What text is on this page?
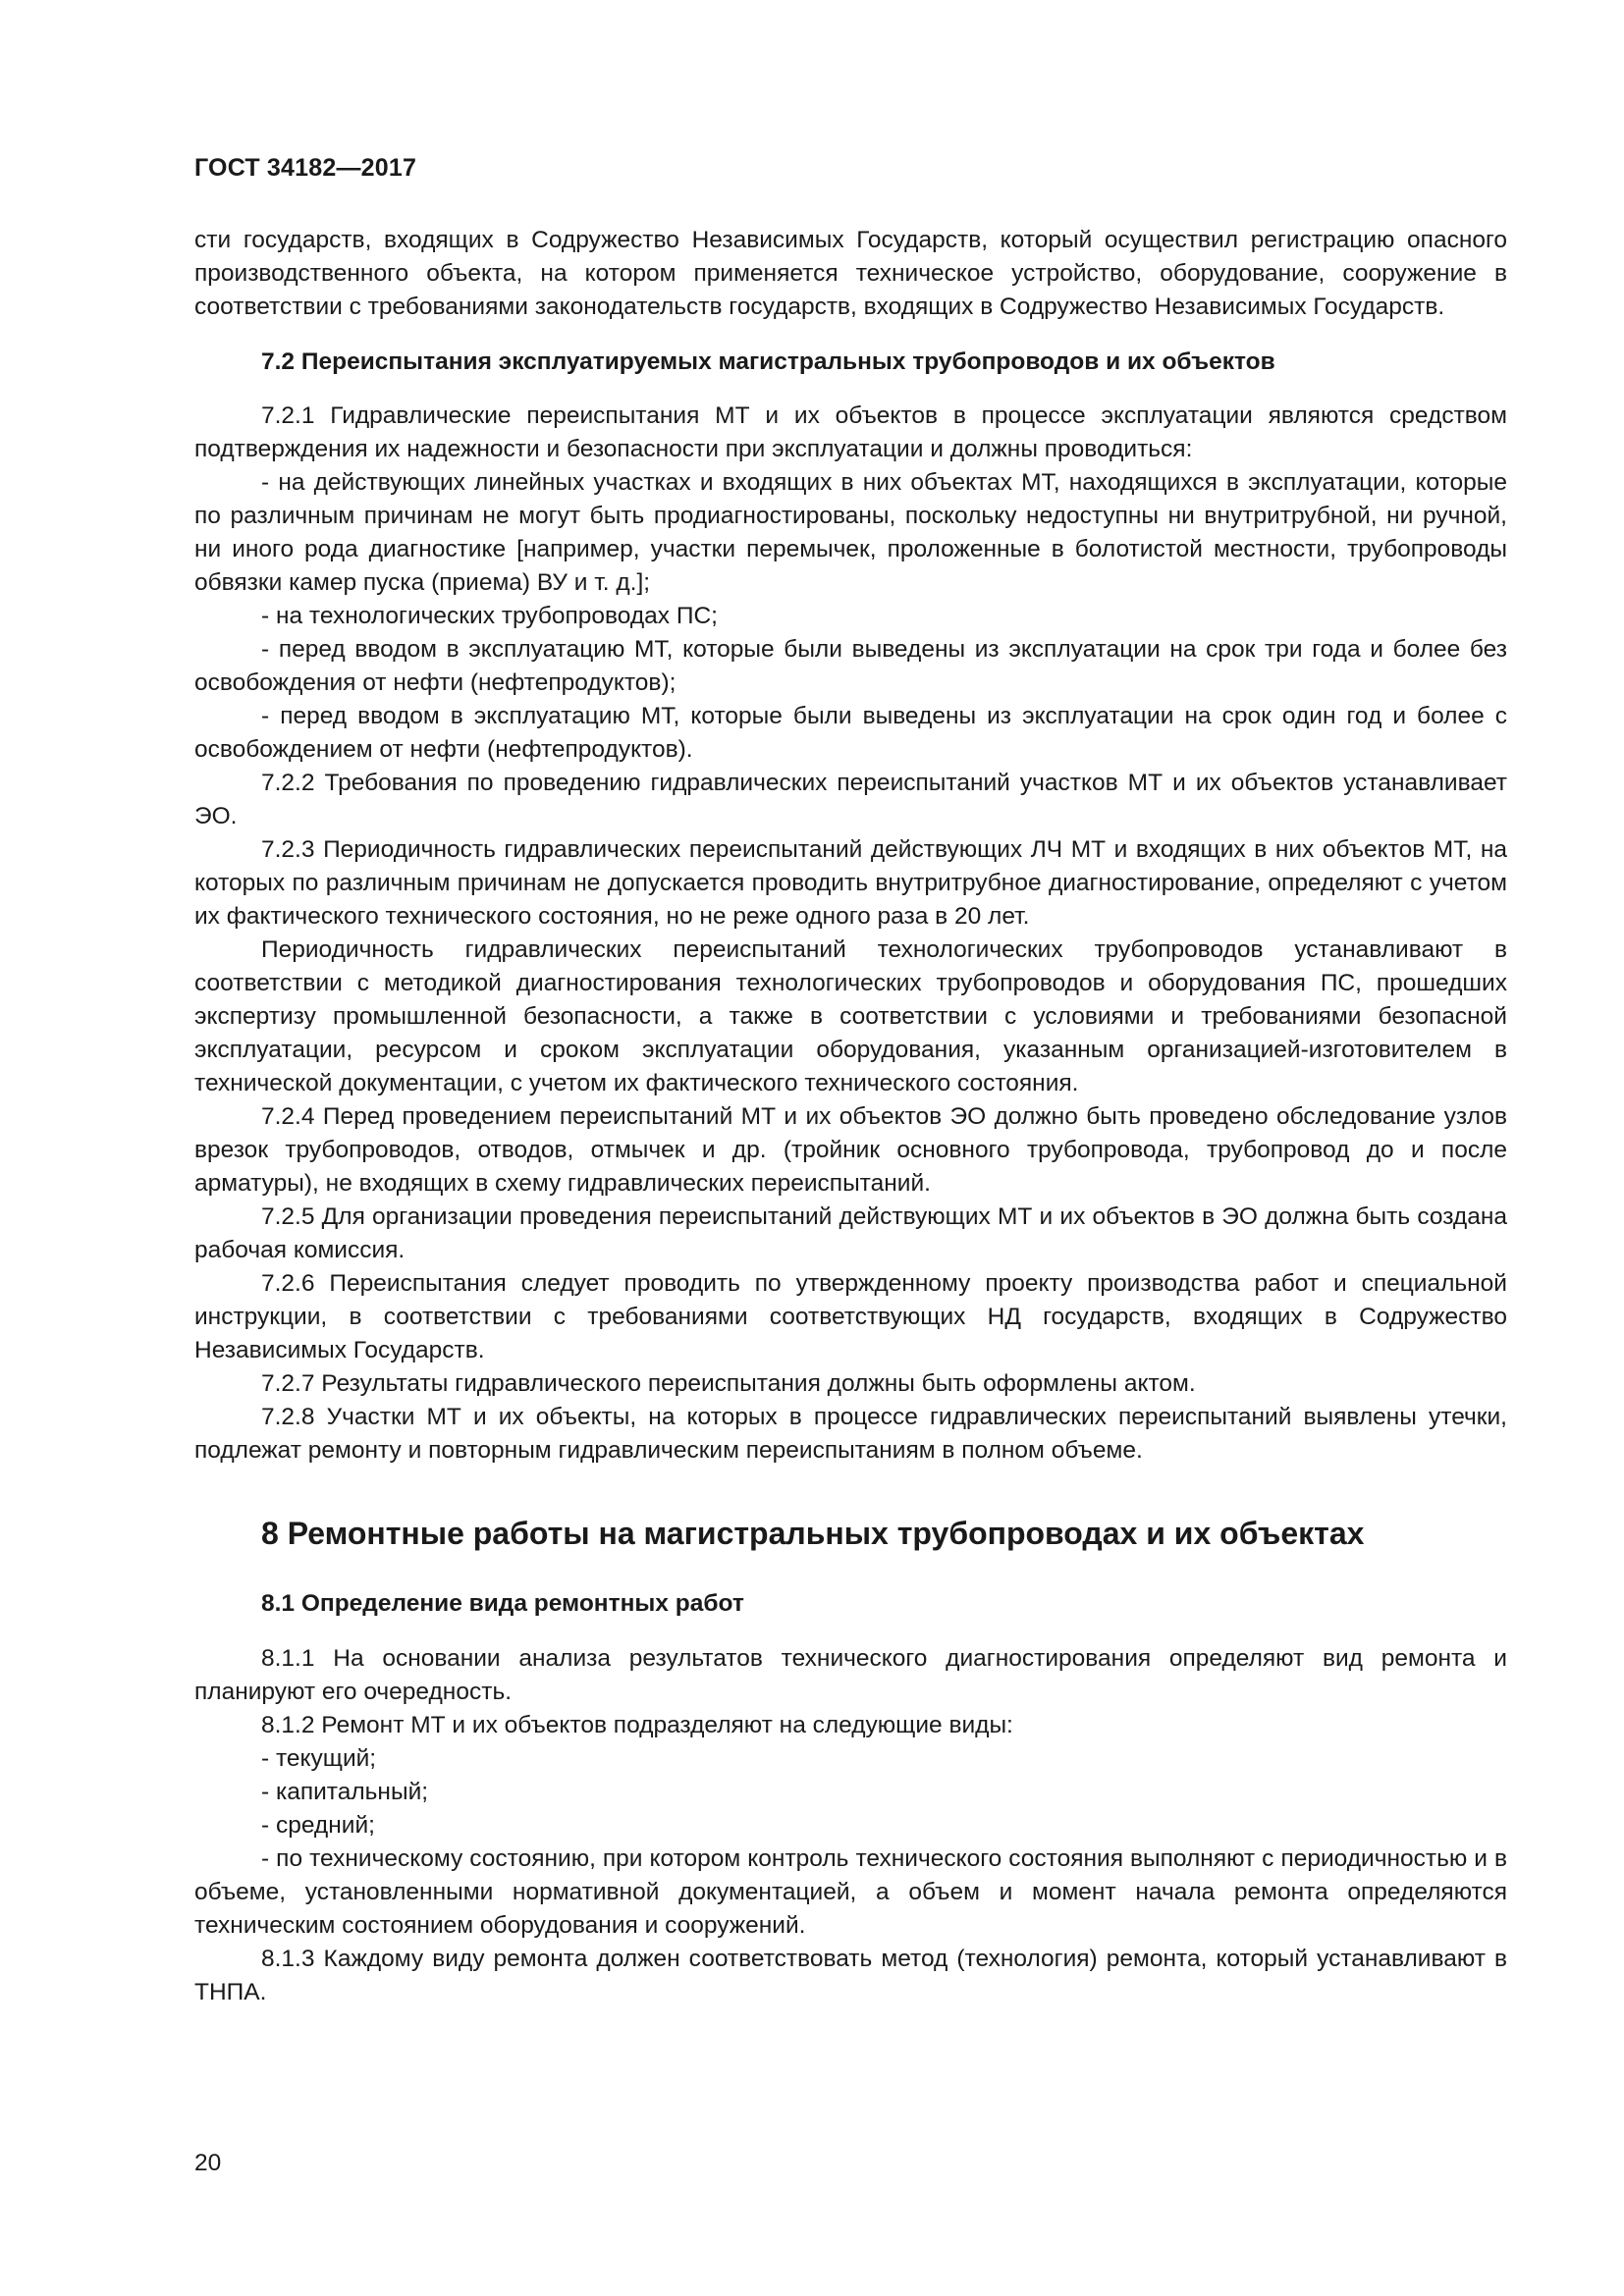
ГОСТ 34182—2017

сти государств, входящих в Содружество Независимых Государств, который осуществил регистрацию опасного производственного объекта, на котором применяется техническое устройство, оборудование, сооружение в соответствии с требованиями законодательств государств, входящих в Содружество Независимых Государств.

7.2 Переиспытания эксплуатируемых магистральных трубопроводов и их объектов

7.2.1 Гидравлические переиспытания МТ и их объектов в процессе эксплуатации являются средством подтверждения их надежности и безопасности при эксплуатации и должны проводиться:

- на действующих линейных участках и входящих в них объектах МТ, находящихся в эксплуатации, которые по различным причинам не могут быть продиагностированы, поскольку недоступны ни внутритрубной, ни ручной, ни иного рода диагностике [например, участки перемычек, проложенные в болотистой местности, трубопроводы обвязки камер пуска (приема) ВУ и т. д.];

- на технологических трубопроводах ПС;

- перед вводом в эксплуатацию МТ, которые были выведены из эксплуатации на срок три года и более без освобождения от нефти (нефтепродуктов);

- перед вводом в эксплуатацию МТ, которые были выведены из эксплуатации на срок один год и более с освобождением от нефти (нефтепродуктов).

7.2.2 Требования по проведению гидравлических переиспытаний участков МТ и их объектов устанавливает ЭО.

7.2.3 Периодичность гидравлических переиспытаний действующих ЛЧ МТ и входящих в них объектов МТ, на которых по различным причинам не допускается проводить внутритрубное диагностирование, определяют с учетом их фактического технического состояния, но не реже одного раза в 20 лет.

Периодичность гидравлических переиспытаний технологических трубопроводов устанавливают в соответствии с методикой диагностирования технологических трубопроводов и оборудования ПС, прошедших экспертизу промышленной безопасности, а также в соответствии с условиями и требованиями безопасной эксплуатации, ресурсом и сроком эксплуатации оборудования, указанным организацией-изготовителем в технической документации, с учетом их фактического технического состояния.

7.2.4 Перед проведением переиспытаний МТ и их объектов ЭО должно быть проведено обследование узлов врезок трубопроводов, отводов, отмычек и др. (тройник основного трубопровода, трубопровод до и после арматуры), не входящих в схему гидравлических переиспытаний.

7.2.5 Для организации проведения переиспытаний действующих МТ и их объектов в ЭО должна быть создана рабочая комиссия.

7.2.6 Переиспытания следует проводить по утвержденному проекту производства работ и специальной инструкции, в соответствии с требованиями соответствующих НД государств, входящих в Содружество Независимых Государств.

7.2.7 Результаты гидравлического переиспытания должны быть оформлены актом.

7.2.8 Участки МТ и их объекты, на которых в процессе гидравлических переиспытаний выявлены утечки, подлежат ремонту и повторным гидравлическим переиспытаниям в полном объеме.

8 Ремонтные работы на магистральных трубопроводах и их объектах
8.1 Определение вида ремонтных работ

8.1.1 На основании анализа результатов технического диагностирования определяют вид ремонта и планируют его очередность.

8.1.2 Ремонт МТ и их объектов подразделяют на следующие виды:

- текущий;

- капитальный;

- средний;

- по техническому состоянию, при котором контроль технического состояния выполняют с периодичностью и в объеме, установленными нормативной документацией, а объем и момент начала ремонта определяются техническим состоянием оборудования и сооружений.

8.1.3 Каждому виду ремонта должен соответствовать метод (технология) ремонта, который устанавливают в ТНПА.

20
